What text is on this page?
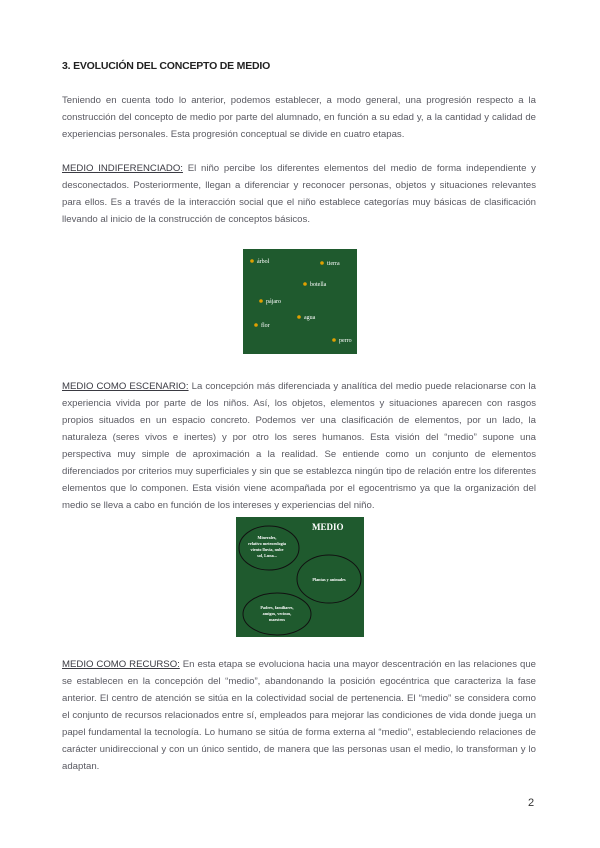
3. EVOLUCIÓN DEL CONCEPTO DE MEDIO

Teniendo en cuenta todo lo anterior, podemos establecer, a modo general, una progresión respecto a la construcción del concepto de medio por parte del alumnado, en función a su edad y, a la cantidad y calidad de experiencias personales. Esta progresión conceptual se divide en cuatro etapas.

MEDIO INDIFERENCIADO: El niño percibe los diferentes elementos del medio de forma independiente y desconectados. Posteriormente, llegan a diferenciar y reconocer personas, objetos y situaciones relevantes para ellos. Es a través de la interacción social que el niño establece categorías muy básicas de clasificación llevando al inicio de la construcción de conceptos básicos.

árbol	tierra
botella
pájaro
agua
flor
perro

MEDIO COMO ESCENARIO: La concepción más diferenciada y analítica del medio puede relacionarse con la experiencia vivida por parte de los niños. Así, los objetos, elementos y situaciones aparecen con rasgos propios situados en un espacio concreto. Podemos ver una clasificación de elementos, por un lado, la naturaleza (seres vivos e inertes) y por otro los seres humanos. Esta visión del “medio” supone una perspectiva muy simple de aproximación a la realidad. Se entiende como un conjunto de elementos diferenciados por criterios muy superficiales y sin que se establezca ningún tipo de relación entre los diferentes elementos que lo componen. Esta visión viene acompañada por el egocentrismo ya que la organización del medio se lleva a cabo en función de los intereses y experiencias del niño.

MEDIO
Minerales,
relativo meteorología
viento lluvia, nube
sol, Luna...
Plantas y animales
Padres, familiares,
amigos, vecinos,
maestros

MEDIO COMO RECURSO: En esta etapa se evoluciona hacia una mayor descentración en las relaciones que se establecen en la concepción del “medio”, abandonando la posición egocéntrica que caracteriza la fase anterior. El centro de atención se sitúa en la colectividad social de pertenencia. El “medio” se considera como el conjunto de recursos relacionados entre sí, empleados para mejorar las condiciones de vida donde juega un papel fundamental la tecnología. Lo humano se sitúa de forma externa al “medio”, estableciendo relaciones de carácter unidireccional y con un único sentido, de manera que las personas usan el medio, lo transforman y lo adaptan.

2
